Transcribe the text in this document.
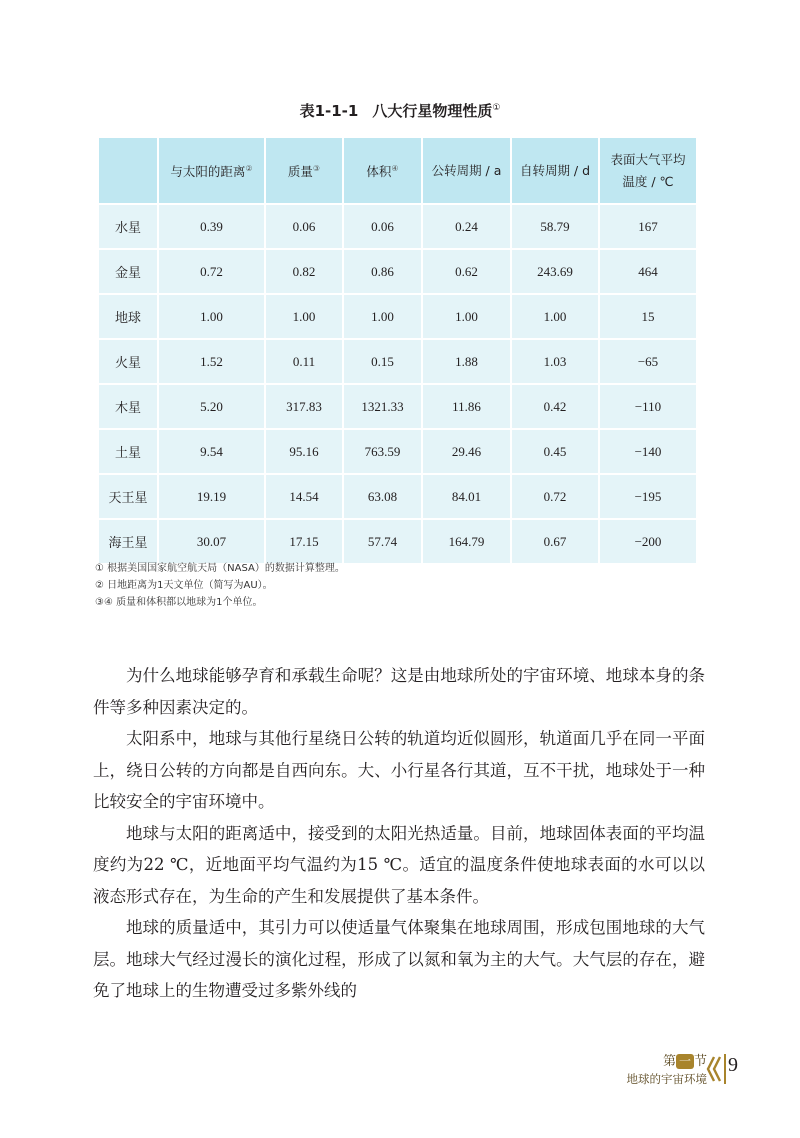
表1-1-1 八大行星物理性质①
	与太阳的距离②	质量③	体积④	公转周期 / a	自转周期 / d	表面大气平均温度 / ℃
水星	0.39	0.06	0.06	0.24	58.79	167
金星	0.72	0.82	0.86	0.62	243.69	464
地球	1.00	1.00	1.00	1.00	1.00	15
火星	1.52	0.11	0.15	1.88	1.03	−65
木星	5.20	317.83	1321.33	11.86	0.42	−110
土星	9.54	95.16	763.59	29.46	0.45	−140
天王星	19.19	14.54	63.08	84.01	0.72	−195
海王星	30.07	17.15	57.74	164.79	0.67	−200
① 根据美国国家航空航天局（NASA）的数据计算整理。
② 日地距离为1天文单位（简写为AU）。
③④ 质量和体积都以地球为1个单位。

为什么地球能够孕育和承载生命呢？这是由地球所处的宇宙环境、地球本身的条件等多种因素决定的。

太阳系中，地球与其他行星绕日公转的轨道均近似圆形，轨道面几乎在同一平面上，绕日公转的方向都是自西向东。大、小行星各行其道，互不干扰，地球处于一种比较安全的宇宙环境中。

地球与太阳的距离适中，接受到的太阳光热适量。目前，地球固体表面的平均温度约为22 ℃，近地面平均气温约为15 ℃。适宜的温度条件使地球表面的水可以以液态形式存在，为生命的产生和发展提供了基本条件。

地球的质量适中，其引力可以使适量气体聚集在地球周围，形成包围地球的大气层。地球大气经过漫长的演化过程，形成了以氮和氧为主的大气。大气层的存在，避免了地球上的生物遭受过多紫外线的

第 一 节
地球的宇宙环境
9
